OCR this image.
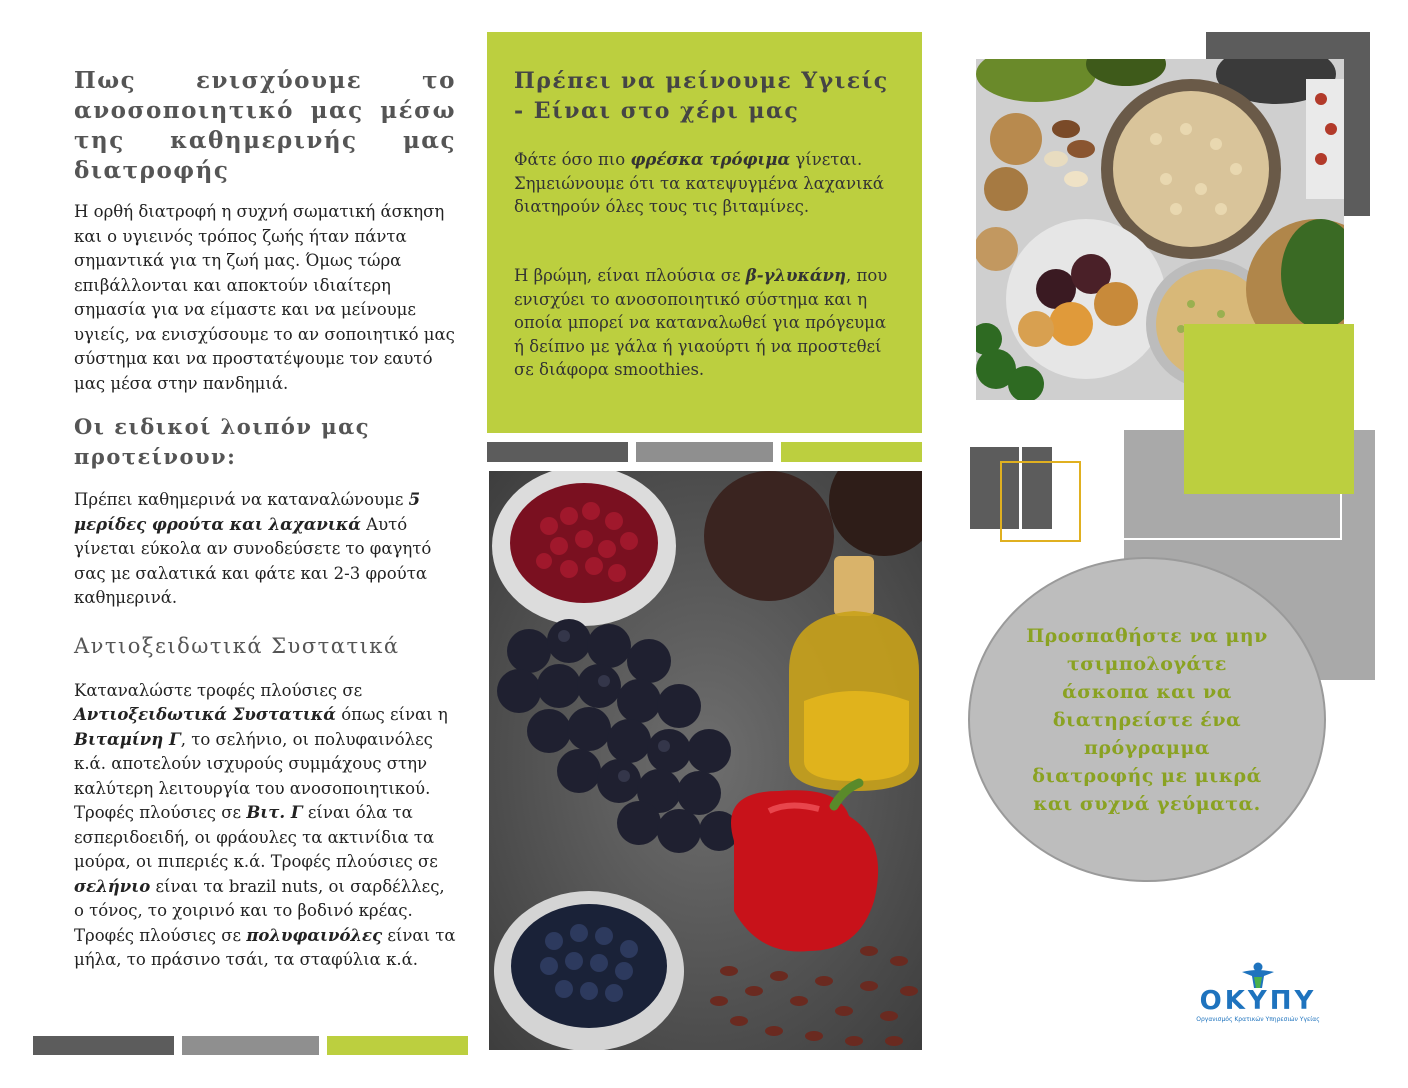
Πως ενισχύουμε το ανοσοποιητικό μας μέσω της καθημερινής μας διατροφής

Η ορθή διατροφή η συχνή σωματική άσκηση και ο υγιεινός τρόπος ζωής ήταν πάντα σημαντικά για τη ζωή μας. Όμως τώρα επιβάλλονται και αποκτούν ιδιαίτερη σημασία για να είμαστε και να μείνουμε υγιείς, να ενισχύσουμε το αν σοποιητικό μας σύστημα και να προστατέψουμε τον εαυτό μας μέσα στην πανδημιά.

Οι ειδικοί λοιπόν μας προτείνουν:

Πρέπει καθημερινά να καταναλώνουμε 5 μερίδες φρούτα και λαχανικά Αυτό γίνεται εύκολα αν συνοδεύσετε το φαγητό σας με σαλατικά και φάτε και 2-3 φρούτα καθημερινά.

Αντιοξειδωτικά Συστατικά

Καταναλώστε τροφές πλούσιες σε Αντιοξειδωτικά Συστατικά όπως είναι η Βιταμίνη Γ, το σελήνιο, οι πολυφαινόλες κ.ά. αποτελούν ισχυρούς συμμάχους στην καλύτερη λειτουργία του ανοσοποιητικού. Τροφές πλούσιες σε Βιτ. Γ είναι όλα τα εσπεριδοειδή, οι φράουλες τα ακτινίδια τα μούρα, οι πιπεριές κ.ά. Τροφές πλούσιες σε σελήνιο είναι τα brazil nuts, οι σαρδέλλες, ο τόνος, το χοιρινό και το βοδινό κρέας. Τροφές πλούσιες σε πολυφαινόλες είναι τα μήλα, το πράσινο τσάι, τα σταφύλια κ.ά.

Πρέπει να μείνουμε Υγιείς - Είναι στο χέρι μας

Φάτε όσο πιο φρέσκα τρόφιμα γίνεται. Σημειώνουμε ότι τα κατεψυγμένα λαχανικά διατηρούν όλες τους τις βιταμίνες.

Η βρώμη, είναι πλούσια σε β-γλυκάνη, που ενισχύει το ανοσοποιητικό σύστημα και η οποία μπορεί να καταναλωθεί για πρόγευμα ή δείπνο με γάλα ή γιαούρτι ή να προστεθεί σε διάφορα smoothies.

Προσπαθήστε να μην τσιμπολογάτε άσκοπα και να διατηρείστε ένα πρόγραμμα διατροφής με μικρά και συχνά γεύματα.

ΟΚΥΠΥ
Οργανισμός Κρατικών Υπηρεσιών Υγείας
